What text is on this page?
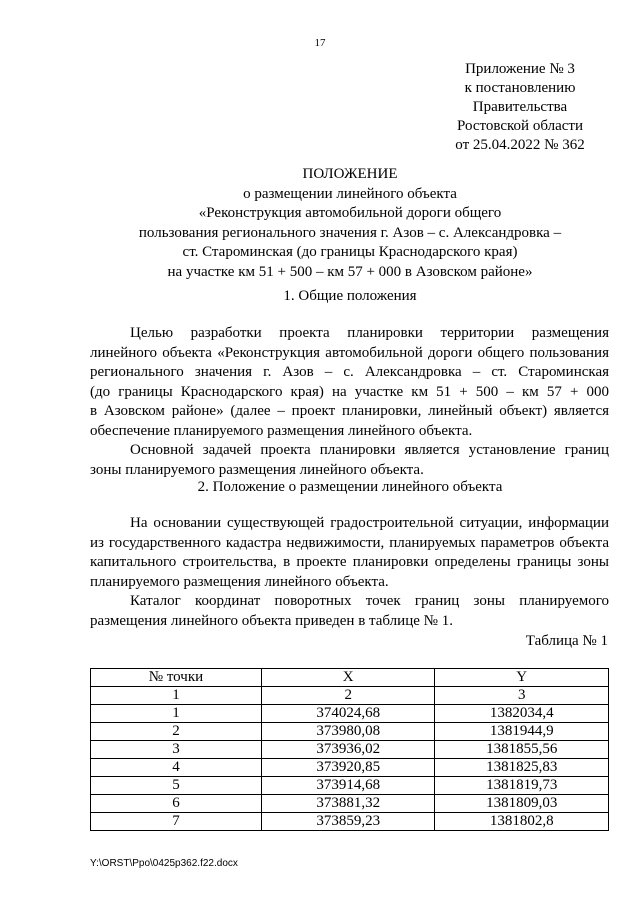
17
Приложение № 3
к постановлению
Правительства
Ростовской области
от 25.04.2022 № 362
ПОЛОЖЕНИЕ
о размещении линейного объекта
«Реконструкция автомобильной дороги общего
пользования регионального значения г. Азов – с. Александровка –
ст. Староминская (до границы Краснодарского края)
на участке км 51 + 500 – км 57 + 000 в Азовском районе»
1. Общие положения
Целью разработки проекта планировки территории размещения
линейного объекта «Реконструкция автомобильной дороги общего пользования
регионального значения г. Азов – с. Александровка – ст. Староминская
(до границы Краснодарского края) на участке км 51 + 500 – км 57 + 000
в Азовском районе» (далее – проект планировки, линейный объект) является
обеспечение планируемого размещения линейного объекта.
Основной задачей проекта планировки является установление границ
зоны планируемого размещения линейного объекта.
2. Положение о размещении линейного объекта
На основании существующей градостроительной ситуации, информации
из государственного кадастра недвижимости, планируемых параметров объекта
капитального строительства, в проекте планировки определены границы зоны
планируемого размещения линейного объекта.
Каталог координат поворотных точек границ зоны планируемого
размещения линейного объекта приведен в таблице № 1.
Таблица № 1
№ точки	X	Y
1	2	3
1	374024,68	1382034,4
2	373980,08	1381944,9
3	373936,02	1381855,56
4	373920,85	1381825,83
5	373914,68	1381819,73
6	373881,32	1381809,03
7	373859,23	1381802,8
Y:\ORST\Ppo\0425p362.f22.docx
